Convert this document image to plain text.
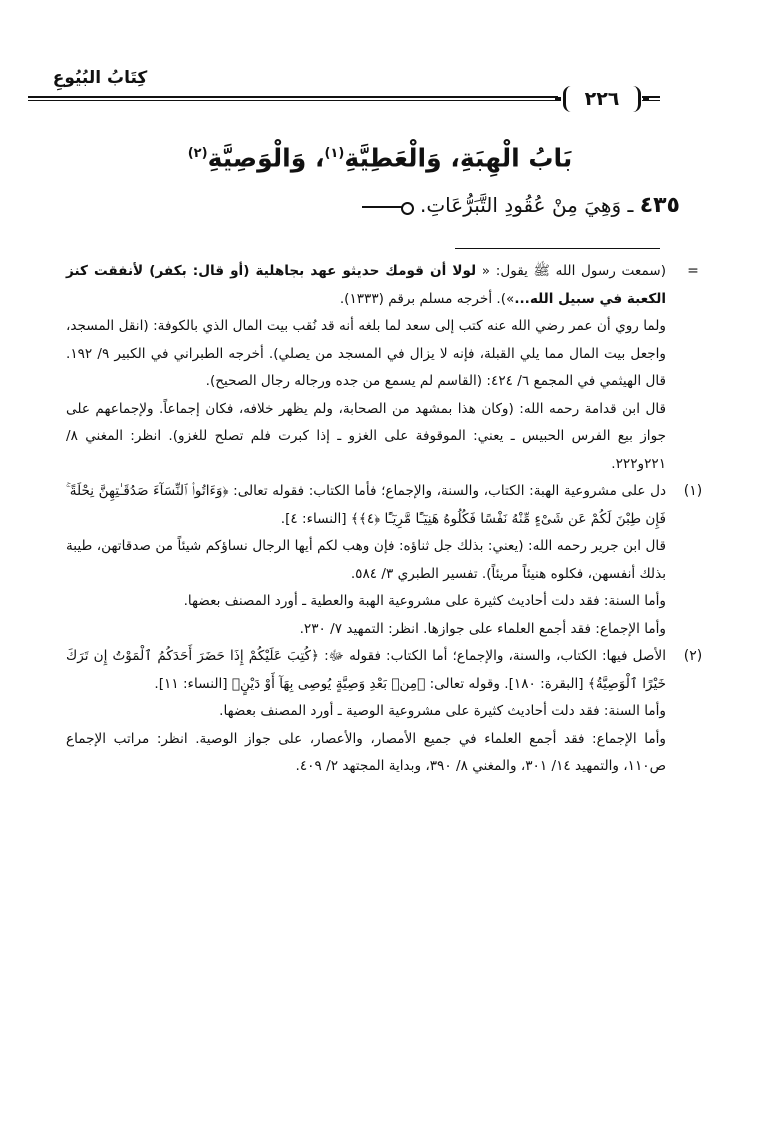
كِتَابُ البُيُوعِ
٢٢٦
بَابُ الْهِبَةِ، وَالْعَطِيَّةِ$^{(١)}$، وَالْوَصِيَّةِ$^{(٢)}$
٤٣٥ ـ وَهِيَ مِنْ عُقُودِ التَّبَرُّعَاتِ.
=

(سمعت رسول الله ﷺ يقول: « لولا أن قومك حديثو عهد بجاهلية (أو قال: بكفر) لأنفقت كنز الكعبة في سبيل الله...»). أخرجه مسلم برقم (١٣٣٣).

ولما روي أن عمر رضي الله عنه كتب إلى سعد لما بلغه أنه قد نُقب بيت المال الذي بالكوفة: (انقل المسجد، واجعل بيت المال مما يلي القبلة، فإنه لا يزال في المسجد من يصلي). أخرجه الطبراني في الكبير ٩/ ١٩٢. قال الهيثمي في المجمع ٦/ ٤٢٤: (القاسم لم يسمع من جده ورجاله رجال الصحيح).

قال ابن قدامة رحمه الله: (وكان هذا بمشهد من الصحابة، ولم يظهر خلافه، فكان إجماعاً. ولإجماعهم على جواز بيع الفرس الحبيس ـ يعني: الموقوفة على الغزو ـ إذا كبرت فلم تصلح للغزو). انظر: المغني ٨/ ٢٢١و٢٢٢.

(١)

دل على مشروعية الهبة: الكتاب، والسنة، والإجماع؛ فأما الكتاب: فقوله تعالى: ﴿وَءَاتُوا۟ ٱلنِّسَآءَ صَدُقَـٰتِهِنَّ نِحْلَةً ۚ فَإِن طِبْنَ لَكُمْ عَن شَىْءٍ مِّنْهُ نَفْسًا فَكُلُوهُ هَنِيٓـًٔا مَّرِيٓـًٔا ﴿٤﴾﴾ [النساء: ٤].

قال ابن جرير رحمه الله: (يعني: بذلك جل ثناؤه: فإن وهب لكم أيها الرجال نساؤكم شيئاً من صدقاتهن، طيبة بذلك أنفسهن، فكلوه هنيئاً مريئاً). تفسير الطبري ٣/ ٥٨٤.

وأما السنة: فقد دلت أحاديث كثيرة على مشروعية الهبة والعطية ـ أورد المصنف بعضها.

وأما الإجماع: فقد أجمع العلماء على جوازها. انظر: التمهيد ٧/ ٢٣٠.

(٢)

الأصل فيها: الكتاب، والسنة، والإجماع؛ أما الكتاب: فقوله ﷻ: ﴿كُتِبَ عَلَيْكُمْ إِذَا حَضَرَ أَحَدَكُمُ ٱلْمَوْتُ إِن تَرَكَ خَيْرًا ٱلْوَصِيَّةُ﴾ [البقرة: ١٨٠]. وقوله تعالى: ﴿مِنۢ بَعْدِ وَصِيَّةٍ يُوصِى بِهَآ أَوْ دَيْنٍ﴾ [النساء: ١١].

وأما السنة: فقد دلت أحاديث كثيرة على مشروعية الوصية ـ أورد المصنف بعضها.

وأما الإجماع: فقد أجمع العلماء في جميع الأمصار، والأعصار، على جواز الوصية. انظر: مراتب الإجماع ص١١٠، والتمهيد ١٤/ ٣٠١، والمغني ٨/ ٣٩٠، وبداية المجتهد ٢/ ٤٠٩.
